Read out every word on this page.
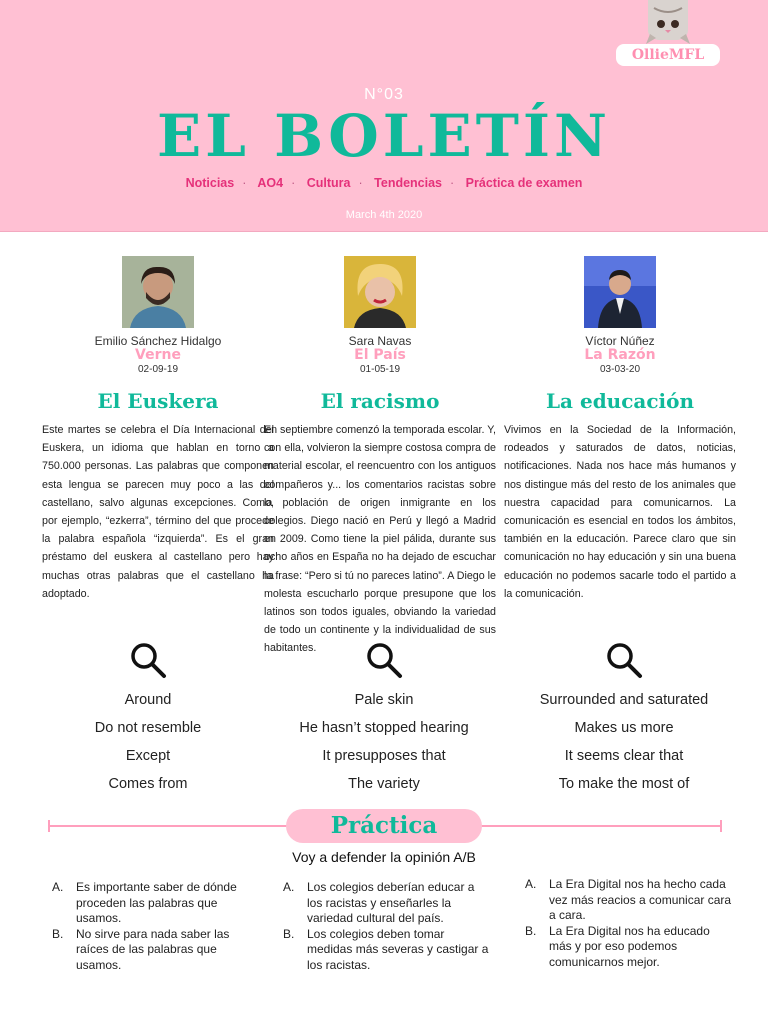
OllieMFL
N°03
EL BOLETÍN
Noticias · AO4 · Cultura · Tendencias · Práctica de examen
March 4th 2020
Emilio Sánchez Hidalgo
Verne
02-09-19
El Euskera
Este martes se celebra el Día Internacional del Euskera, un idioma que hablan en torno a 750.000 personas. Las palabras que componen esta lengua se parecen muy poco a las del castellano, salvo algunas excepciones. Como, por ejemplo, “ezkerra”, término del que procede la palabra española “izquierda”. Es el gran préstamo del euskera al castellano pero hay muchas otras palabras que el castellano ha adoptado.
Sara Navas
El País
01-05-19
El racismo
En septiembre comenzó la temporada escolar. Y, con ella, volvieron la siempre costosa compra de material escolar, el reencuentro con los antiguos compañeros y... los comentarios racistas sobre la población de origen inmigrante en los colegios. Diego nació en Perú y llegó a Madrid en 2009. Como tiene la piel pálida, durante sus ocho años en España no ha dejado de escuchar la frase: “Pero si tú no pareces latino”. A Diego le molesta escucharlo porque presupone que los latinos son todos iguales, obviando la variedad de todo un continente y la individualidad de sus habitantes.
Víctor Núñez
La Razón
03-03-20
La educación
Vivimos en la Sociedad de la Información, rodeados y saturados de datos, noticias, notificaciones. Nada nos hace más humanos y nos distingue más del resto de los animales que nuestra capacidad para comunicarnos. La comunicación es esencial en todos los ámbitos, también en la educación. Parece claro que sin comunicación no hay educación y sin una buena educación no podemos sacarle todo el partido a la comunicación.
Around
Do not resemble
Except
Comes from
Pale skin
He hasn’t stopped hearing
It presupposes that
The variety
Surrounded and saturated
Makes us more
It seems clear that
To make the most of
Práctica
Voy a defender la opinión A/B
A. Es importante saber de dónde proceden las palabras que usamos.
B. No sirve para nada saber las raíces de las palabras que usamos.
A. Los colegios deberían educar a los racistas y enseñarles la variedad cultural del país.
B. Los colegios deben tomar medidas más severas y castigar a los racistas.
A. La Era Digital nos ha hecho cada vez más reacios a comunicar cara a cara.
B. La Era Digital nos ha educado más y por eso podemos comunicarnos mejor.
